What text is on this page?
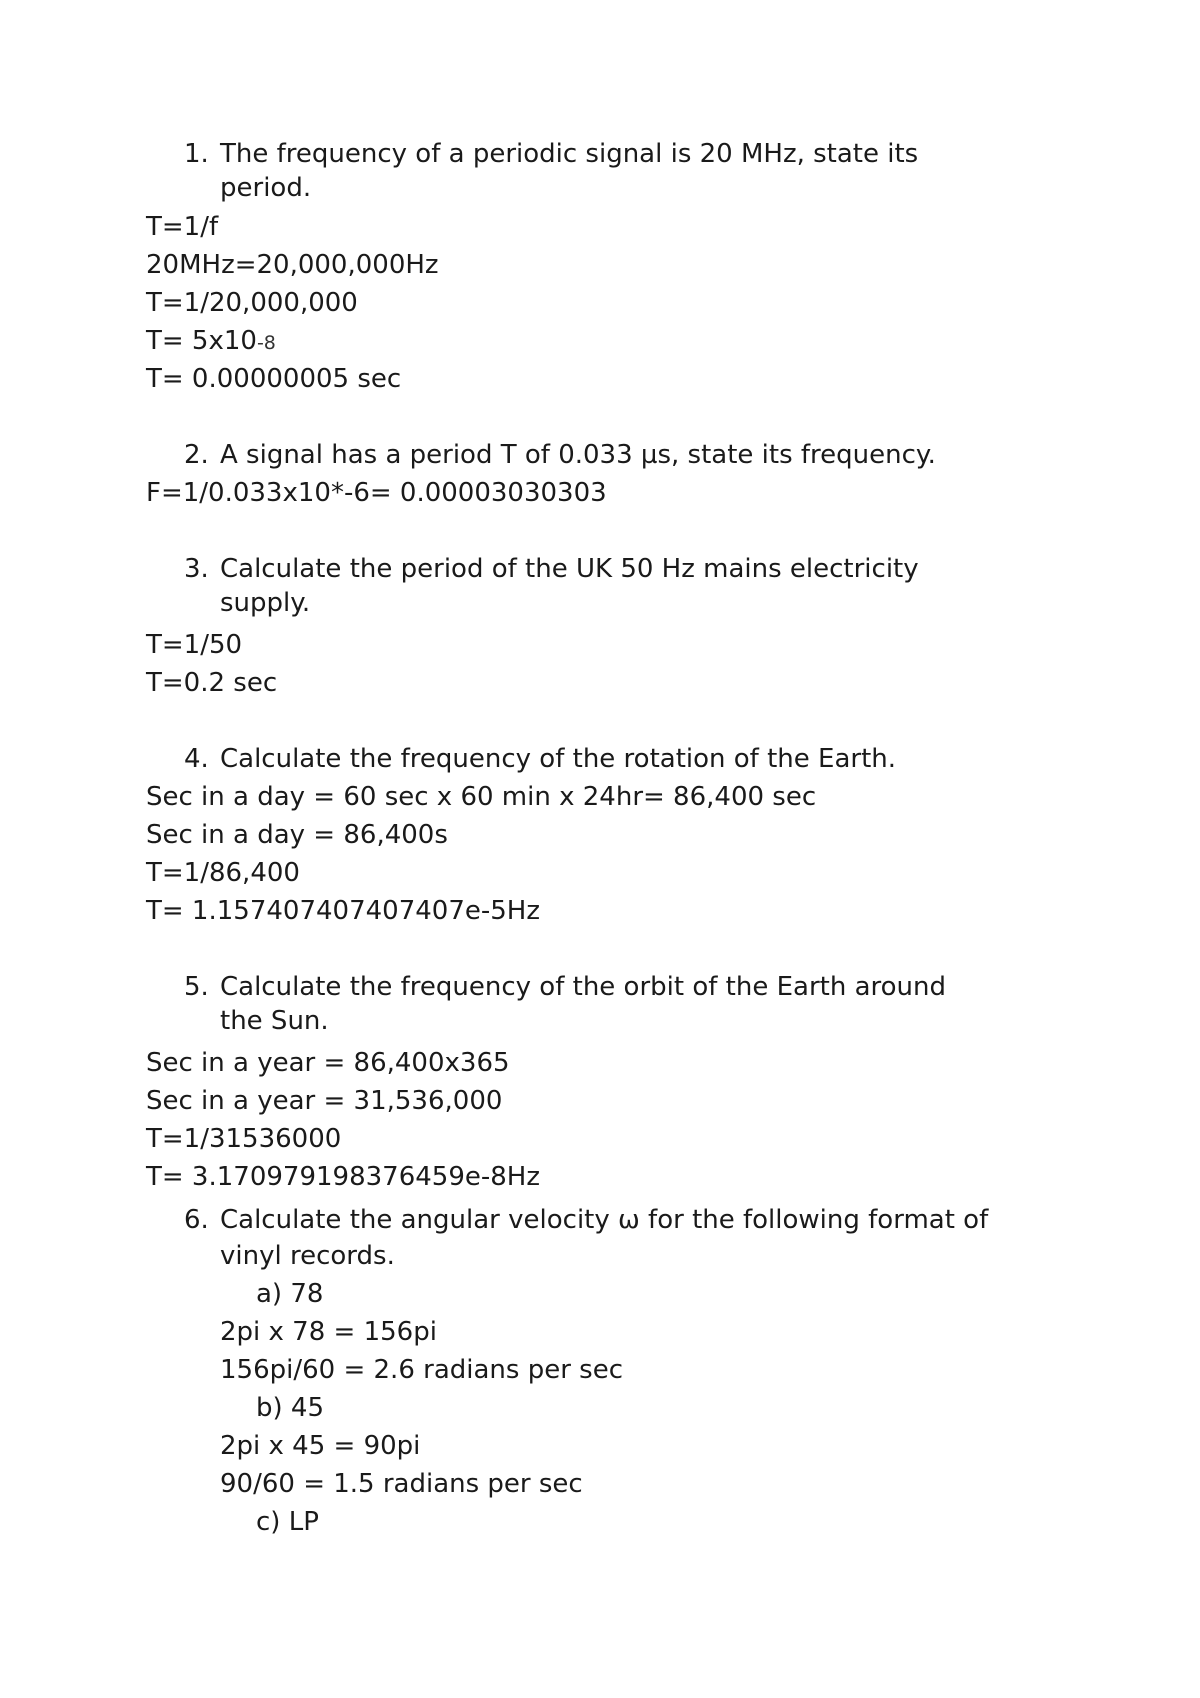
1. The frequency of a periodic signal is 20 MHz, state its
period.
T=1/f
20MHz=20,000,000Hz
T=1/20,000,000
T= 5x10-8
T= 0.00000005 sec
2. A signal has a period T of 0.033 µs, state its frequency.
F=1/0.033x10*-6= 0.00003030303
3. Calculate the period of the UK 50 Hz mains electricity
supply.
T=1/50
T=0.2 sec
4. Calculate the frequency of the rotation of the Earth.
Sec in a day = 60 sec x 60 min x 24hr= 86,400 sec
Sec in a day = 86,400s
T=1/86,400
T= 1.157407407407407e-5Hz
5. Calculate the frequency of the orbit of the Earth around
the Sun.
Sec in a year = 86,400x365
Sec in a year = 31,536,000
T=1/31536000
T= 3.170979198376459e-8Hz
6. Calculate the angular velocity ω for the following format of
vinyl records.
a) 78
2pi x 78 = 156pi
156pi/60 = 2.6 radians per sec
b) 45
2pi x 45 = 90pi
90/60 = 1.5 radians per sec
c) LP
